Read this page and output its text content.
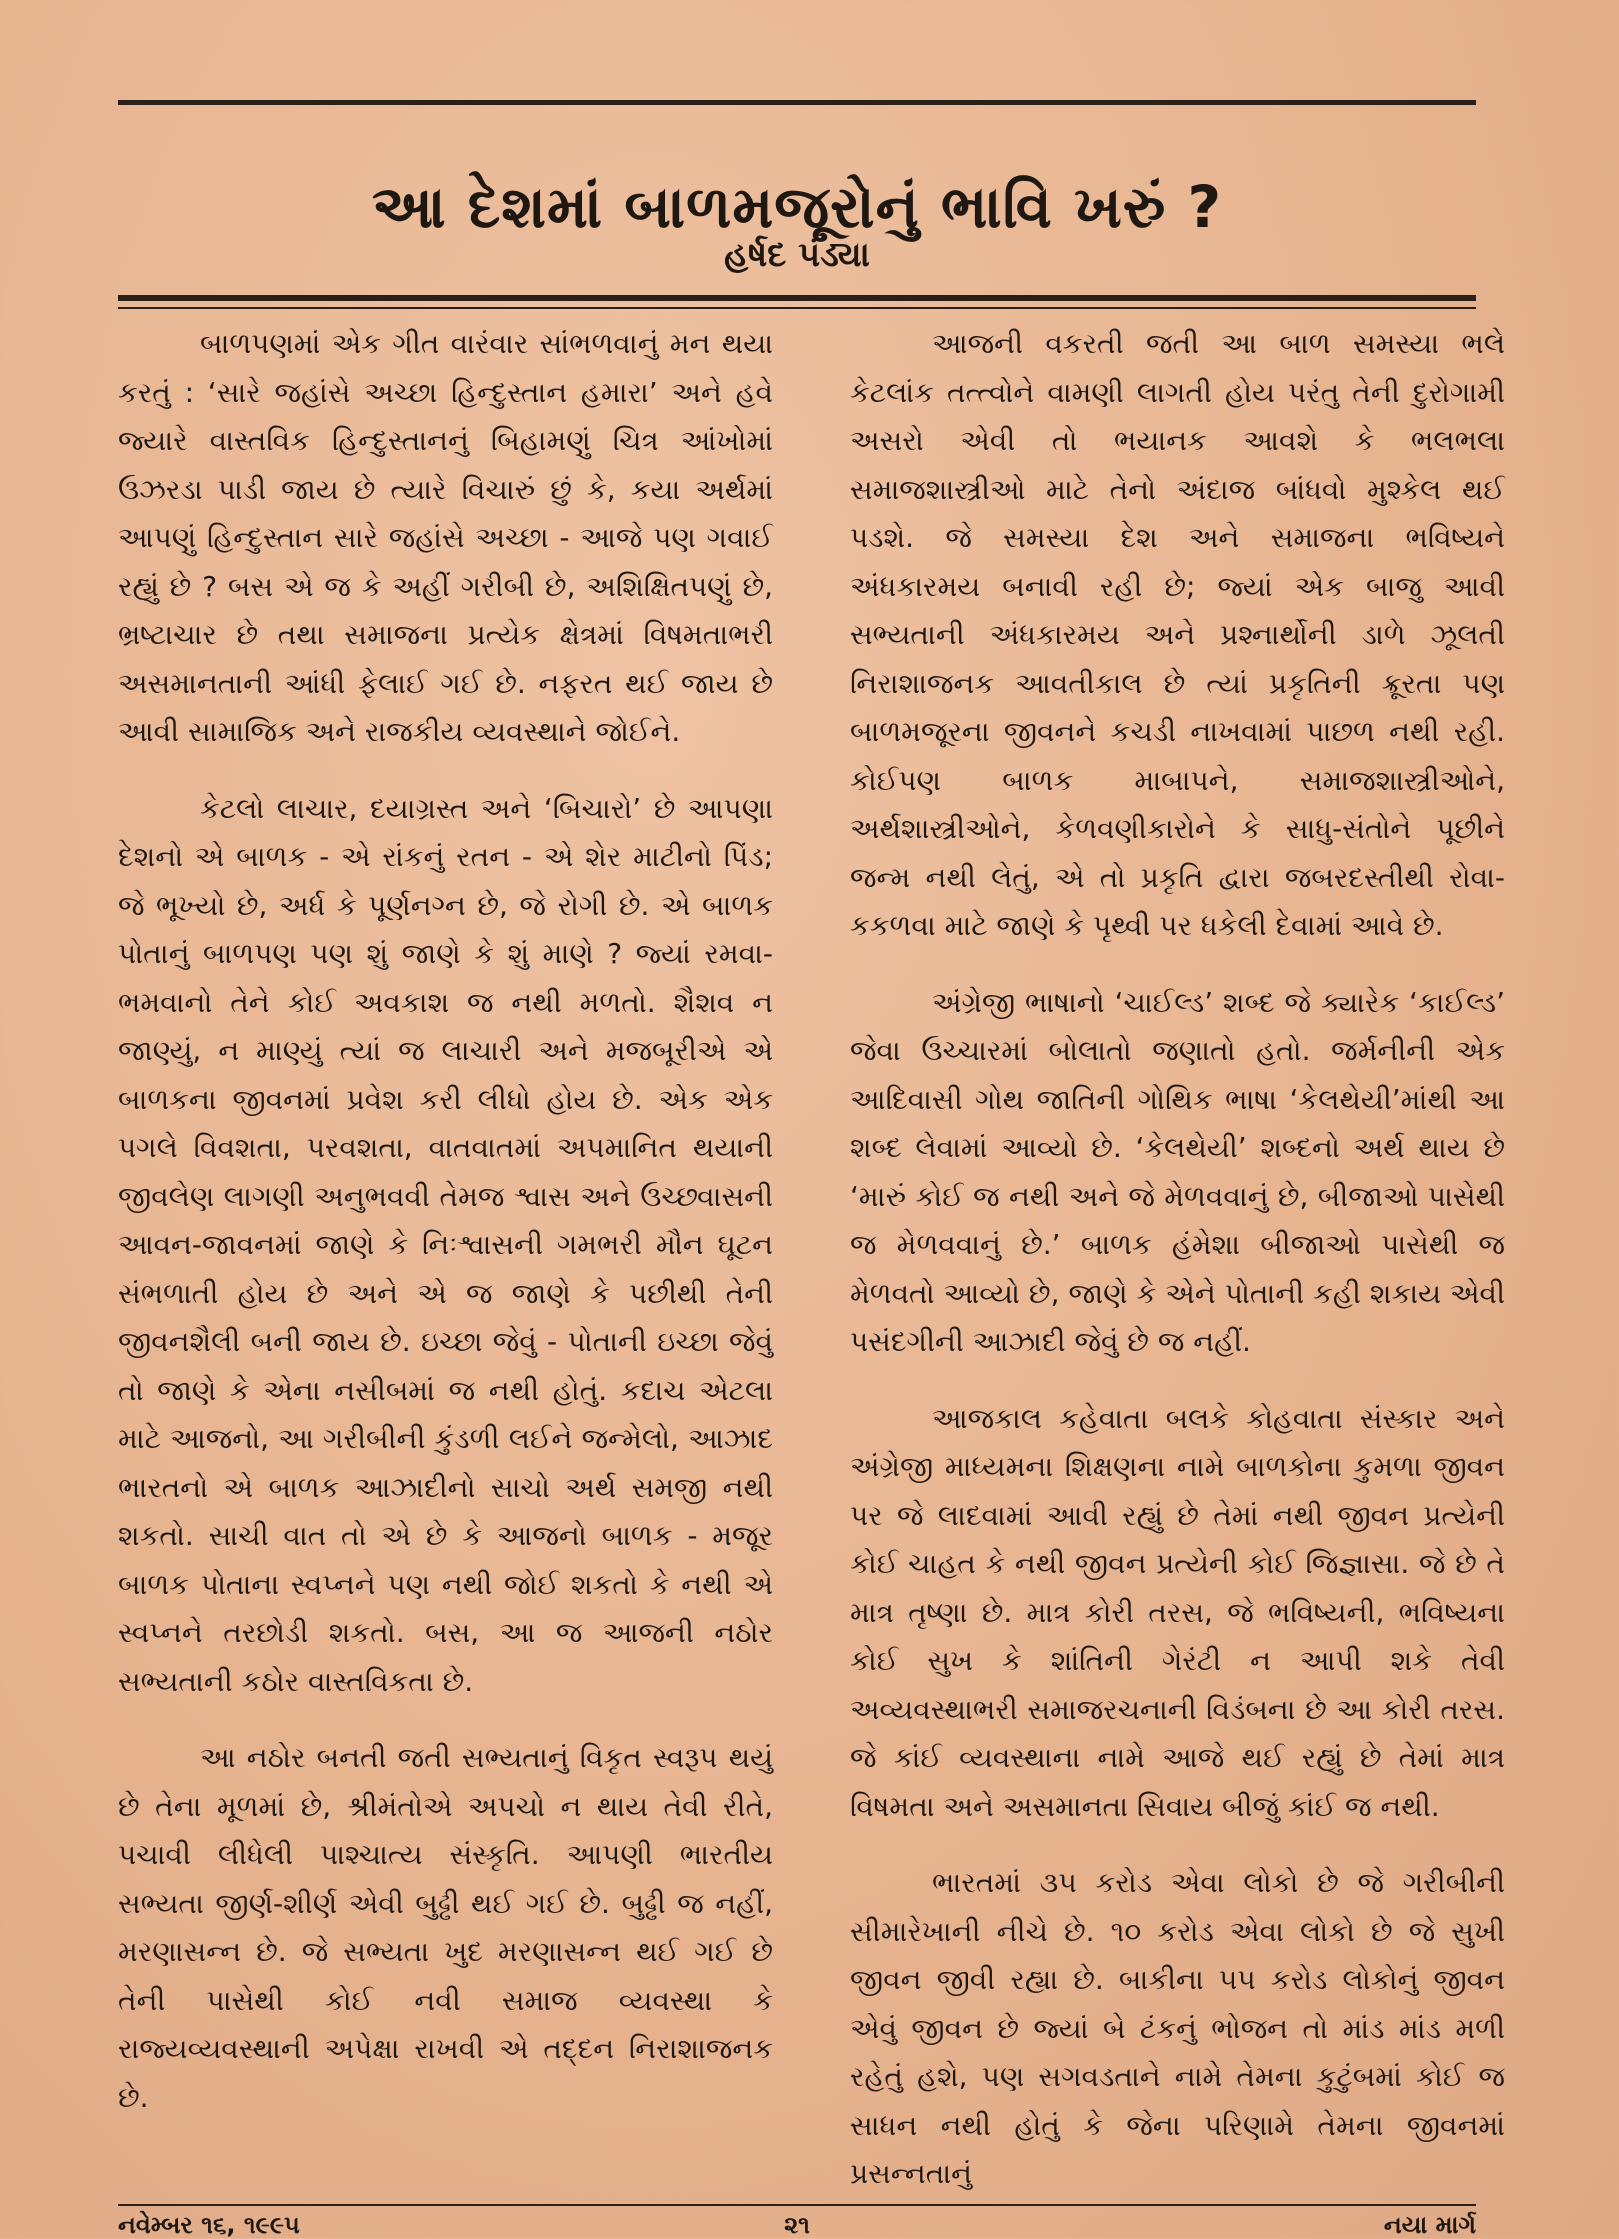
આ દેશમાં બાળમજૂરોનું ભાવિ ખરું ?
હર્ષદ પંડ્યા

બાળપણમાં એક ગીત વારંવાર સાંભળવાનું મન થયા કરતું : ‘સારે જહાંસે અચ્છા હિન્દુસ્તાન હમારા’ અને હવે જ્યારે વાસ્તવિક હિન્દુસ્તાનનું બિહામણું ચિત્ર આંખોમાં ઉઝરડા પાડી જાય છે ત્યારે વિચારું છું કે, કયા અર્થમાં આપણું હિન્દુસ્તાન સારે જહાંસે અચ્છા - આજે પણ ગવાઈ રહ્યું છે ? બસ એ જ કે અહીં ગરીબી છે, અશિક્ષિતપણું છે, ભ્રષ્ટાચાર છે તથા સમાજના પ્રત્યેક ક્ષેત્રમાં વિષમતાભરી અસમાનતાની આંધી ફેલાઈ ગઈ છે. નફરત થઈ જાય છે આવી સામાજિક અને રાજકીય વ્યવસ્થાને જોઈને.

કેટલો લાચાર, દયાગ્રસ્ત અને ‘બિચારો’ છે આપણા દેશનો એ બાળક - એ રાંકનું રતન - એ શેર માટીનો પિંડ; જે ભૂખ્યો છે, અર્ધ કે પૂર્ણનગ્ન છે, જે રોગી છે. એ બાળક પોતાનું બાળપણ પણ શું જાણે કે શું માણે ? જ્યાં રમવા-ભમવાનો તેને કોઈ અવકાશ જ નથી મળતો. શૈશવ ન જાણ્યું, ન માણ્યું ત્યાં જ લાચારી અને મજબૂરીએ એ બાળકના જીવનમાં પ્રવેશ કરી લીધો હોય છે. એક એક પગલે વિવશતા, પરવશતા, વાતવાતમાં અપમાનિત થયાની જીવલેણ લાગણી અનુભવવી તેમજ શ્વાસ અને ઉચ્છ્વાસની આવન-જાવનમાં જાણે કે નિઃશ્વાસની ગમભરી મૌન ઘૂટન સંભળાતી હોય છે અને એ જ જાણે કે પછીથી તેની જીવનશૈલી બની જાય છે. ઇચ્છા જેવું - પોતાની ઇચ્છા જેવું તો જાણે કે એના નસીબમાં જ નથી હોતું. કદાચ એટલા માટે આજનો, આ ગરીબીની કુંડળી લઈને જન્મેલો, આઝાદ ભારતનો એ બાળક આઝાદીનો સાચો અર્થ સમજી નથી શકતો. સાચી વાત તો એ છે કે આજનો બાળક - મજૂર બાળક પોતાના સ્વપ્નને પણ નથી જોઈ શકતો કે નથી એ સ્વપ્નને તરછોડી શકતો. બસ, આ જ આજની નઠોર સભ્યતાની કઠોર વાસ્તવિકતા છે.

આ નઠોર બનતી જતી સભ્યતાનું વિકૃત સ્વરૂપ થયું છે તેના મૂળમાં છે, શ્રીમંતોએ અપચો ન થાય તેવી રીતે, પચાવી લીધેલી પાશ્ચાત્ય સંસ્કૃતિ. આપણી ભારતીય સભ્યતા જીર્ણ-શીર્ણ એવી બુઢ્ઢી થઈ ગઈ છે. બુઢ્ઢી જ નહીં, મરણાસન્ન છે. જે સભ્યતા ખુદ મરણાસન્ન થઈ ગઈ છે તેની પાસેથી કોઈ નવી સમાજ વ્યવસ્થા કે રાજ્યવ્યવસ્થાની અપેક્ષા રાખવી એ તદ્દન નિરાશાજનક છે.

આજની વકરતી જતી આ બાળ સમસ્યા ભલે કેટલાંક તત્ત્વોને વામણી લાગતી હોય પરંતુ તેની દુરોગામી અસરો એવી તો ભયાનક આવશે કે ભલભલા સમાજશાસ્ત્રીઓ માટે તેનો અંદાજ બાંધવો મુશ્કેલ થઈ પડશે. જે સમસ્યા દેશ અને સમાજના ભવિષ્યને અંધકારમય બનાવી રહી છે; જ્યાં એક બાજુ આવી સભ્યતાની અંધકારમય અને પ્રશ્નાર્થોની ડાળે ઝૂલતી નિરાશાજનક આવતીકાલ છે ત્યાં પ્રકૃતિની ક્રૂરતા પણ બાળમજૂરના જીવનને કચડી નાખવામાં પાછળ નથી રહી. કોઈપણ બાળક માબાપને, સમાજશાસ્ત્રીઓને, અર્થશાસ્ત્રીઓને, કેળવણીકારોને કે સાધુ-સંતોને પૂછીને જન્મ નથી લેતું, એ તો પ્રકૃતિ દ્વારા જબરદસ્તીથી રોવા-કકળવા માટે જાણે કે પૃથ્વી પર ધકેલી દેવામાં આવે છે.

અંગ્રેજી ભાષાનો ‘ચાઈલ્ડ’ શબ્દ જે ક્યારેક ‘કાઈલ્ડ’ જેવા ઉચ્ચારમાં બોલાતો જણાતો હતો. જર્મનીની એક આદિવાસી ગોથ જાતિની ગોથિક ભાષા ‘કેલથેયી’માંથી આ શબ્દ લેવામાં આવ્યો છે. ‘કેલથેયી’ શબ્દનો અર્થ થાય છે ‘મારું કોઈ જ નથી અને જે મેળવવાનું છે, બીજાઓ પાસેથી જ મેળવવાનું છે.’ બાળક હંમેશા બીજાઓ પાસેથી જ મેળવતો આવ્યો છે, જાણે કે એને પોતાની કહી શકાય એવી પસંદગીની આઝાદી જેવું છે જ નહીં.

આજકાલ કહેવાતા બલકે કોહવાતા સંસ્કાર અને અંગ્રેજી માધ્યમના શિક્ષણના નામે બાળકોના કુમળા જીવન પર જે લાદવામાં આવી રહ્યું છે તેમાં નથી જીવન પ્રત્યેની કોઈ ચાહત કે નથી જીવન પ્રત્યેની કોઈ જિજ્ઞાસા. જે છે તે માત્ર તૃષ્ણા છે. માત્ર કોરી તરસ, જે ભવિષ્યની, ભવિષ્યના કોઈ સુખ કે શાંતિની ગેરંટી ન આપી શકે તેવી અવ્યવસ્થાભરી સમાજરચનાની વિડંબના છે આ કોરી તરસ. જે કાંઈ વ્યવસ્થાના નામે આજે થઈ રહ્યું છે તેમાં માત્ર વિષમતા અને અસમાનતા સિવાય બીજું કાંઈ જ નથી.

ભારતમાં ૩૫ કરોડ એવા લોકો છે જે ગરીબીની સીમારેખાની નીચે છે. ૧૦ કરોડ એવા લોકો છે જે સુખી જીવન જીવી રહ્યા છે. બાકીના ૫૫ કરોડ લોકોનું જીવન એવું જીવન છે જ્યાં બે ટંકનું ભોજન તો માંડ માંડ મળી રહેતું હશે, પણ સગવડતાને નામે તેમના કુટુંબમાં કોઈ જ સાધન નથી હોતું કે જેના પરિણામે તેમના જીવનમાં પ્રસન્નતાનું

નવેમ્બર ૧૬, ૧૯૯૫	૨૧	નયા માર્ગ
